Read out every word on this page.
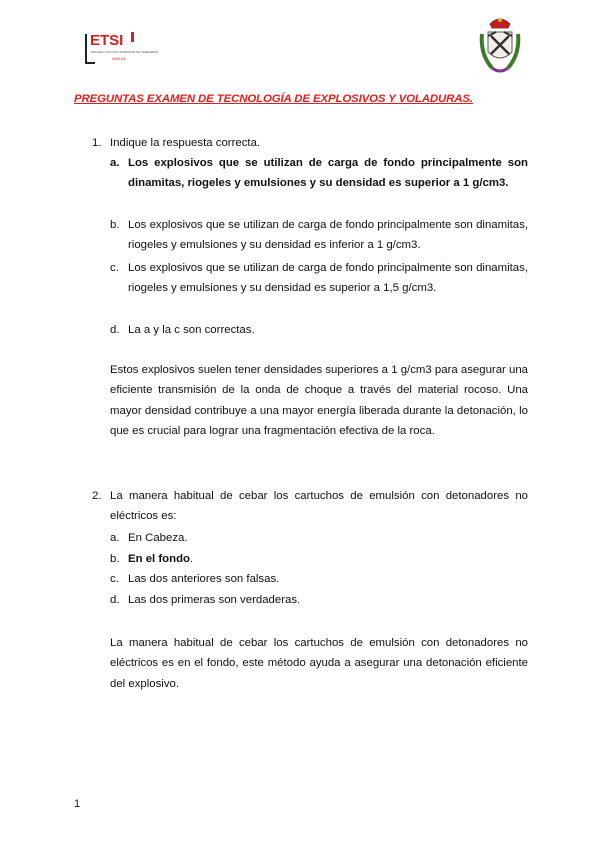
ETSI
ESCUELA TÉCNICA SUPERIOR DE INGENIERÍA
HUELVA
PREGUNTAS EXAMEN DE TECNOLOGÍA DE EXPLOSIVOS Y VOLADURAS.
1. Indique la respuesta correcta.
a. Los explosivos que se utilizan de carga de fondo principalmente son dinamitas, riogeles y emulsiones y su densidad es superior a 1 g/cm3.
b. Los explosivos que se utilizan de carga de fondo principalmente son dinamitas, riogeles y emulsiones y su densidad es inferior a 1 g/cm3.
c. Los explosivos que se utilizan de carga de fondo principalmente son dinamitas, riogeles y emulsiones y su densidad es superior a 1,5 g/cm3.
d. La a y la c son correctas.
Estos explosivos suelen tener densidades superiores a 1 g/cm3 para asegurar una eficiente transmisión de la onda de choque a través del material rocoso. Una mayor densidad contribuye a una mayor energía liberada durante la detonación, lo que es crucial para lograr una fragmentación efectiva de la roca.
2. La manera habitual de cebar los cartuchos de emulsión con detonadores no eléctricos es:
a. En Cabeza.
b. En el fondo.
c. Las dos anteriores son falsas.
d. Las dos primeras son verdaderas.
La manera habitual de cebar los cartuchos de emulsión con detonadores no eléctricos es en el fondo, este método ayuda a asegurar una detonación eficiente del explosivo.
1
